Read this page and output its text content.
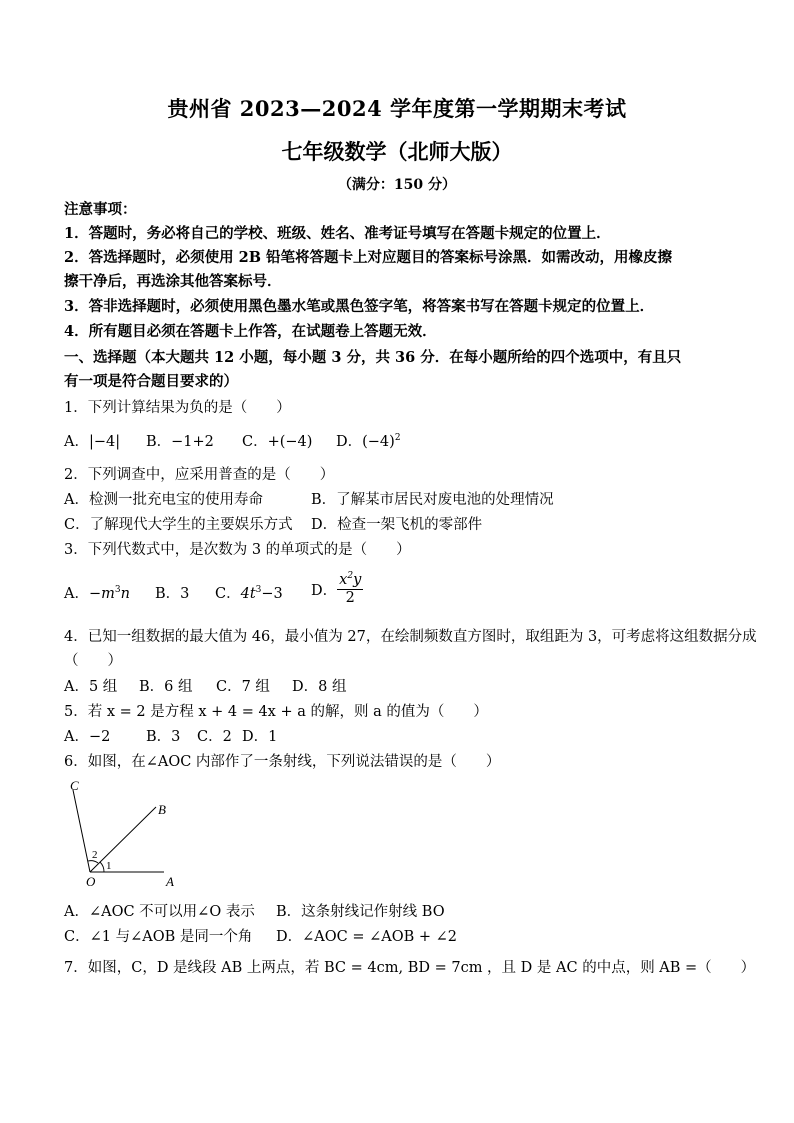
贵州省 2023—2024 学年度第一学期期末考试
七年级数学（北师大版）
（满分：150 分）
注意事项：
1．答题时，务必将自己的学校、班级、姓名、准考证号填写在答题卡规定的位置上．
2．答选择题时，必须使用 2B 铅笔将答题卡上对应题目的答案标号涂黑．如需改动，用橡皮擦
擦干净后，再选涂其他答案标号．
3．答非选择题时，必须使用黑色墨水笔或黑色签字笔，将答案书写在答题卡规定的位置上．
4．所有题目必须在答题卡上作答，在试题卷上答题无效．
一、选择题（本大题共 12 小题，每小题 3 分，共 36 分．在每小题所给的四个选项中，有且只
有一项是符合题目要求的）
1．下列计算结果为负的是（　　）
A．|−4| B．−1+2 C．+(−4) D．$(-4)^2$
2．下列调查中，应采用普查的是（　　）
A．检测一批充电宝的使用寿命	B．了解某市居民对废电池的处理情况
C．了解现代大学生的主要娱乐方式 D．检查一架飞机的零部件
3．下列代数式中，是次数为 3 的单项式的是（　　）
A．$-m^3n$ B．3 C．$4t^3-3$ D． $\frac{x^2y}{2}$
4．已知一组数据的最大值为 46，最小值为 27，在绘制频数直方图时，取组距为 3，可考虑将这组数据分成
（　　）
A．5 组 B．6 组 C．7 组 D．8 组
5．若 x = 2 是方程 x + 4 = 4x + a 的解，则 a 的值为（　　）
A．−2 B．3 C．2 D．1
6．如图，在∠AOC 内部作了一条射线，下列说法错误的是（　　）
C
B
O	A
1
2
A．∠AOC 不可以用∠O 表示 B．这条射线记作射线 BO
C．∠1 与∠AOB 是同一个角 D．∠AOC = ∠AOB + ∠2
7．如图，C，D 是线段 AB 上两点，若 BC = 4cm, BD = 7cm ，且 D 是 AC 的中点，则 AB =（　　）
